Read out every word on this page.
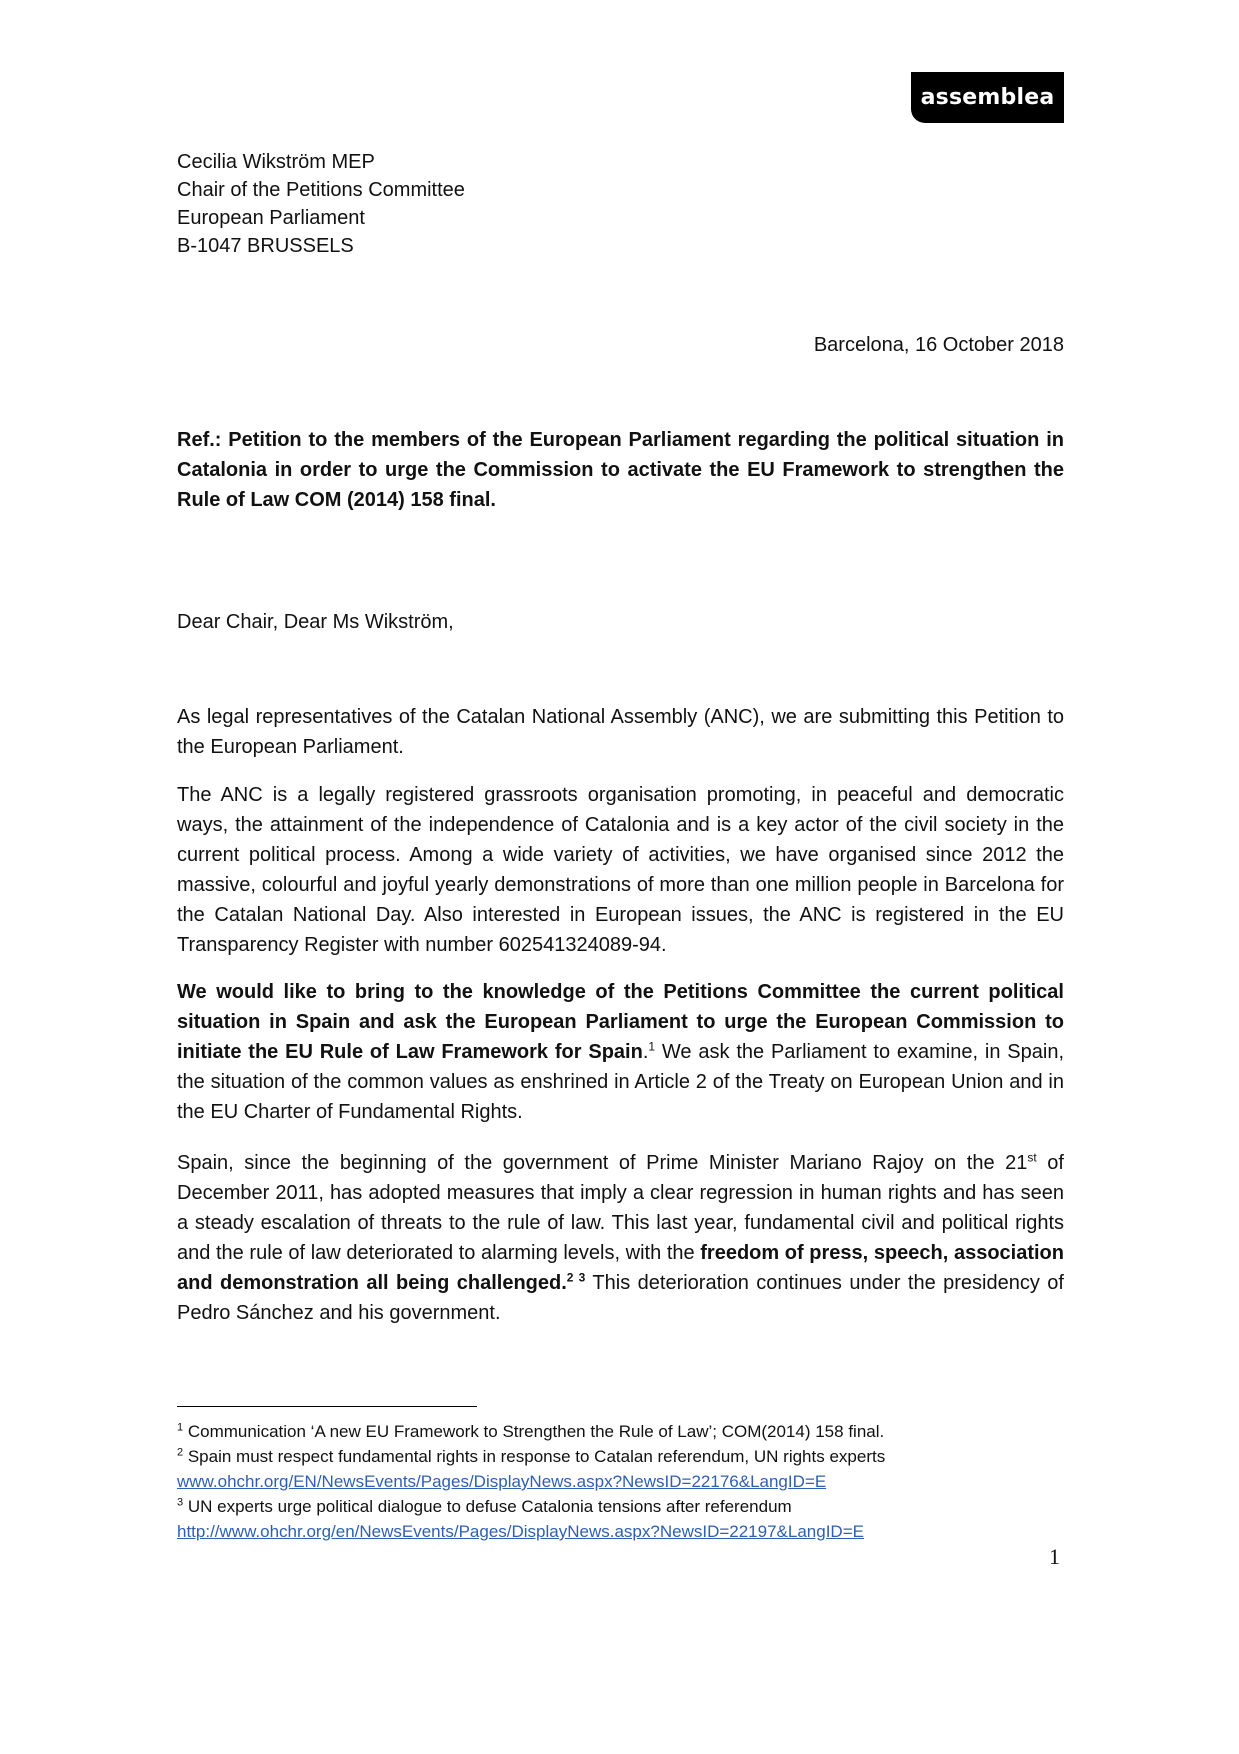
assemblea
Cecilia Wikström MEP
Chair of the Petitions Committee
European Parliament
B-1047 BRUSSELS
Barcelona, 16 October 2018
Ref.: Petition to the members of the European Parliament regarding the political situation in Catalonia in order to urge the Commission to activate the EU Framework to strengthen the Rule of Law COM (2014) 158 final.
Dear Chair, Dear Ms Wikström,

As legal representatives of the Catalan National Assembly (ANC), we are submitting this Petition to the European Parliament.

The ANC is a legally registered grassroots organisation promoting, in peaceful and democratic ways, the attainment of the independence of Catalonia and is a key actor of the civil society in the current political process. Among a wide variety of activities, we have organised since 2012 the massive, colourful and joyful yearly demonstrations of more than one million people in Barcelona for the Catalan National Day. Also interested in European issues, the ANC is registered in the EU Transparency Register with number 602541324089-94.

We would like to bring to the knowledge of the Petitions Committee the current political situation in Spain and ask the European Parliament to urge the European Commission to initiate the EU Rule of Law Framework for Spain.$^1$ We ask the Parliament to examine, in Spain, the situation of the common values as enshrined in Article 2 of the Treaty on European Union and in the EU Charter of Fundamental Rights.

Spain, since the beginning of the government of Prime Minister Mariano Rajoy on the 21st of December 2011, has adopted measures that imply a clear regression in human rights and has seen a steady escalation of threats to the rule of law. This last year, fundamental civil and political rights and the rule of law deteriorated to alarming levels, with the freedom of press, speech, association and demonstration all being challenged.$^{2 3}$ This deterioration continues under the presidency of Pedro Sánchez and his government.

$^1$ Communication ‘A new EU Framework to Strengthen the Rule of Law’; COM(2014) 158 final.
$^2$ Spain must respect fundamental rights in response to Catalan referendum, UN rights experts
www.ohchr.org/EN/NewsEvents/Pages/DisplayNews.aspx?NewsID=22176&LangID=E
$^3$ UN experts urge political dialogue to defuse Catalonia tensions after referendum
http://www.ohchr.org/en/NewsEvents/Pages/DisplayNews.aspx?NewsID=22197&LangID=E
1
